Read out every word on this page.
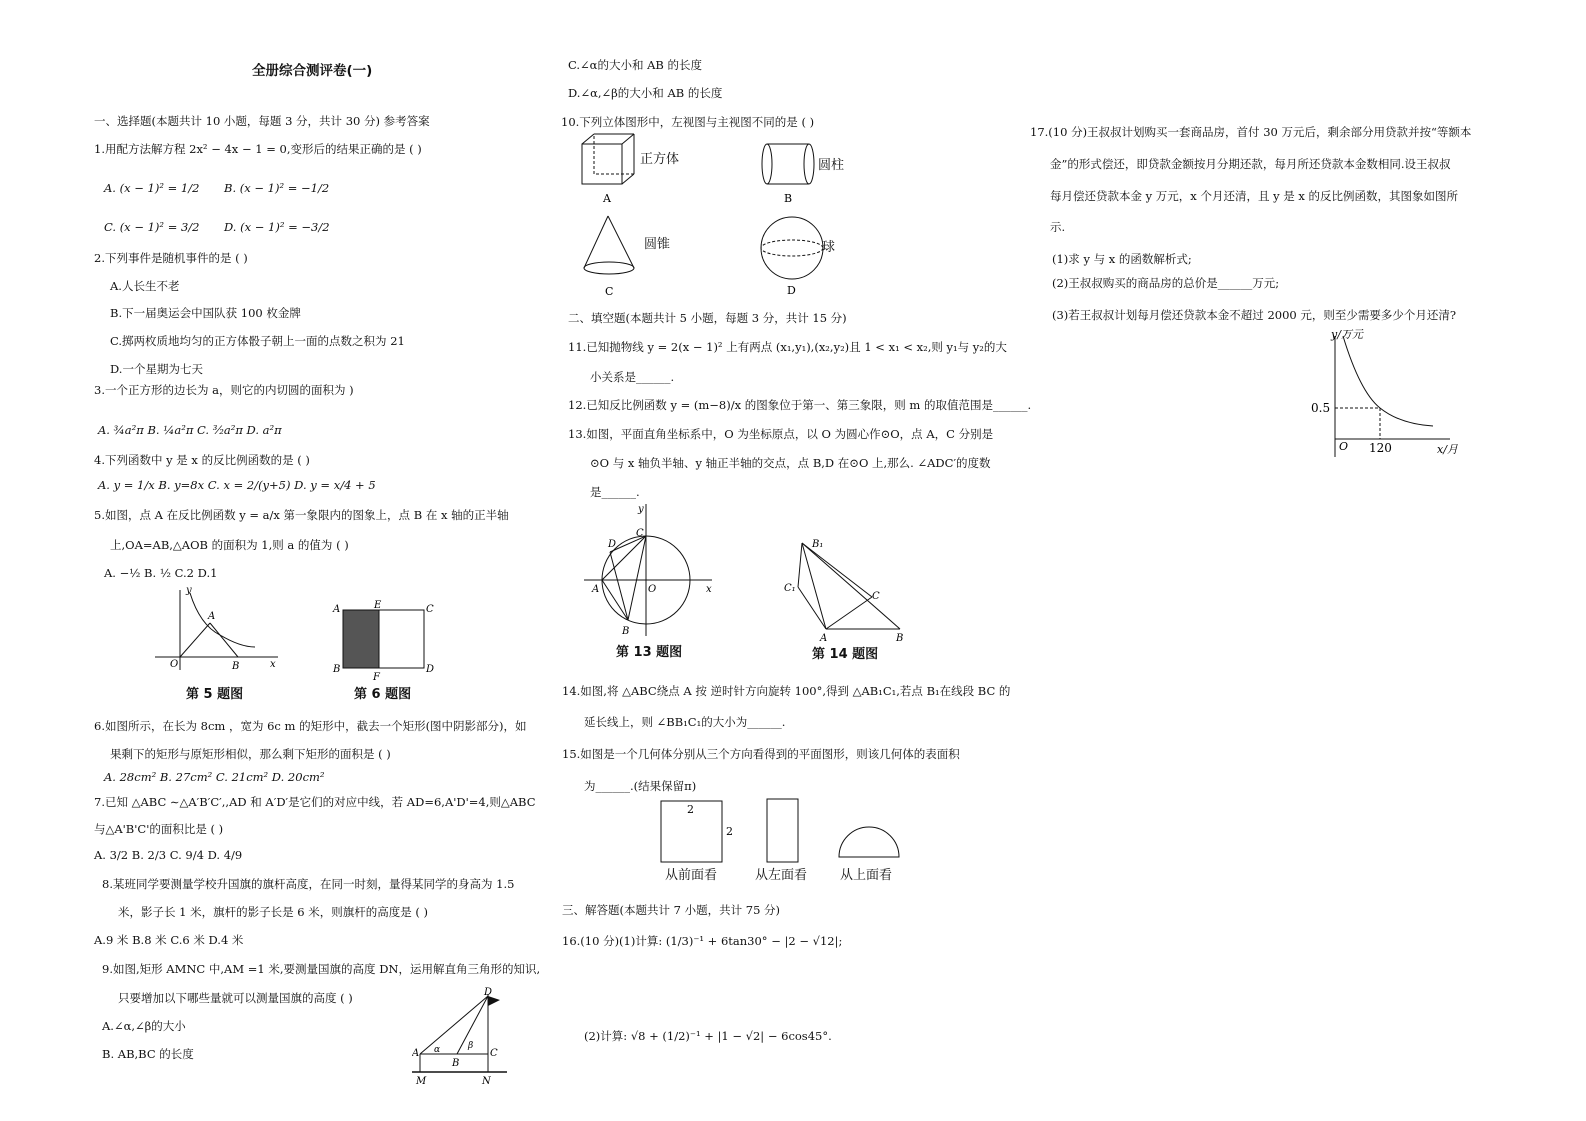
全册综合测评卷(一)
一、选择题(本题共计 10 小题，每题 3 分，共计 30 分) 参考答案
1.用配方法解方程 2x² − 4x − 1 = 0,变形后的结果正确的是 ( )
A. (x − 1)² = 1/2 B. (x − 1)² = −1/2
C. (x − 1)² = 3/2 D. (x − 1)² = −3/2
2.下列事件是随机事件的是 ( )
A.人长生不老
B.下一届奥运会中国队获 100 枚金牌
C.掷两枚质地均匀的正方体骰子朝上一面的点数之积为 21
D.一个星期为七天
3.一个正方形的边长为 a，则它的内切圆的面积为 )
A. ¾a²π B. ¼a²π C. ³⁄₂a²π D. a²π
4.下列函数中 y 是 x 的反比例函数的是 ( )
A. y = 1/x B. y=8x C. x = 2/(y+5) D. y = x/4 + 5
5.如图，点 A 在反比例函数 y = a/x 第一象限内的图象上，点 B 在 x 轴的正半轴
上,OA=AB,△AOB 的面积为 1,则 a 的值为 ( )
A. −½ B. ½ C.2 D.1
y
A
O	B	x
第 5 题图
A	E	C
B
F
D
第 6 题图
6.如图所示，在长为 8cm ，宽为 6c m 的矩形中，截去一个矩形(图中阴影部分)，如
果剩下的矩形与原矩形相似，那么剩下矩形的面积是 ( )
A. 28cm² B. 27cm² C. 21cm² D. 20cm²
7.已知 △ABC ∼△A′B′C′,,AD 和 A′D′是它们的对应中线，若 AD=6,A'D'=4,则△ABC
与△A'B'C'的面积比是 ( )
A. 3/2 B. 2/3 C. 9/4 D. 4/9
8.某班同学要测量学校升国旗的旗杆高度，在同一时刻，量得某同学的身高为 1.5
米，影子长 1 米，旗杆的影子长是 6 米，则旗杆的高度是 ( )
A.9 米 B.8 米 C.6 米 D.4 米
9.如图,矩形 AMNC 中,AM =1 米,要测量国旗的高度 DN，运用解直角三角形的知识,
只要增加以下哪些量就可以测量国旗的高度 ( )
A.∠α,∠β的大小
B. AB,BC 的长度	A α	β
B
C
D
M	N
C.∠α的大小和 AB 的长度
D.∠α,∠β的大小和 AB 的长度
10.下列立体图形中，左视图与主视图不同的是 ( )
A	B
C	D
正方体	圆柱
圆锥	球
二、填空题(本题共计 5 小题，每题 3 分，共计 15 分)
11.已知抛物线 y = 2(x − 1)² 上有两点 (x₁,y₁),(x₂,y₂)且 1 < x₁ < x₂,则 y₁与 y₂的大
小关系是______.
12.已知反比例函数 y = (m−8)/x 的图象位于第一、第三象限，则 m 的取值范围是______.
13.如图，平面直角坐标系中，O 为坐标原点，以 O 为圆心作⊙O，点 A，C 分别是
⊙O 与 x 轴负半轴、y 轴正半轴的交点，点 B,D 在⊙O 上,那么. ∠ADC′的度数
是______.
y
C
D
A	O
B
x
第 13 题图
B₁
C₁
C
A	B
第 14 题图
14.如图,将 △ABC绕点 A 按 逆时针方向旋转 100°,得到 △AB₁C₁,若点 B₁在线段 BC 的
延长线上，则 ∠BB₁C₁的大小为______.
15.如图是一个几何体分别从三个方向看得到的平面图形，则该几何体的表面积
为______.(结果保留π)
2
2
从前面看	从左面看	从上面看
三、解答题(本题共计 7 小题，共计 75 分)
16.(10 分)(1)计算: (1/3)⁻¹ + 6tan30° − |2 − √12|;
(2)计算: √8 + (1/2)⁻¹ + |1 − √2| − 6cos45°.
17.(10 分)王叔叔计划购买一套商品房，首付 30 万元后，剩余部分用贷款并按“等额本
金”的形式偿还，即贷款金额按月分期还款，每月所还贷款本金数相同.设王叔叔
每月偿还贷款本金 y 万元，x 个月还清，且 y 是 x 的反比例函数，其图象如图所
示.
(1)求 y 与 x 的函数解析式;
(2)王叔叔购买的商品房的总价是______万元;
(3)若王叔叔计划每月偿还贷款本金不超过 2000 元，则至少需要多少个月还清?
y/万元
0.5
O 120	x/月
